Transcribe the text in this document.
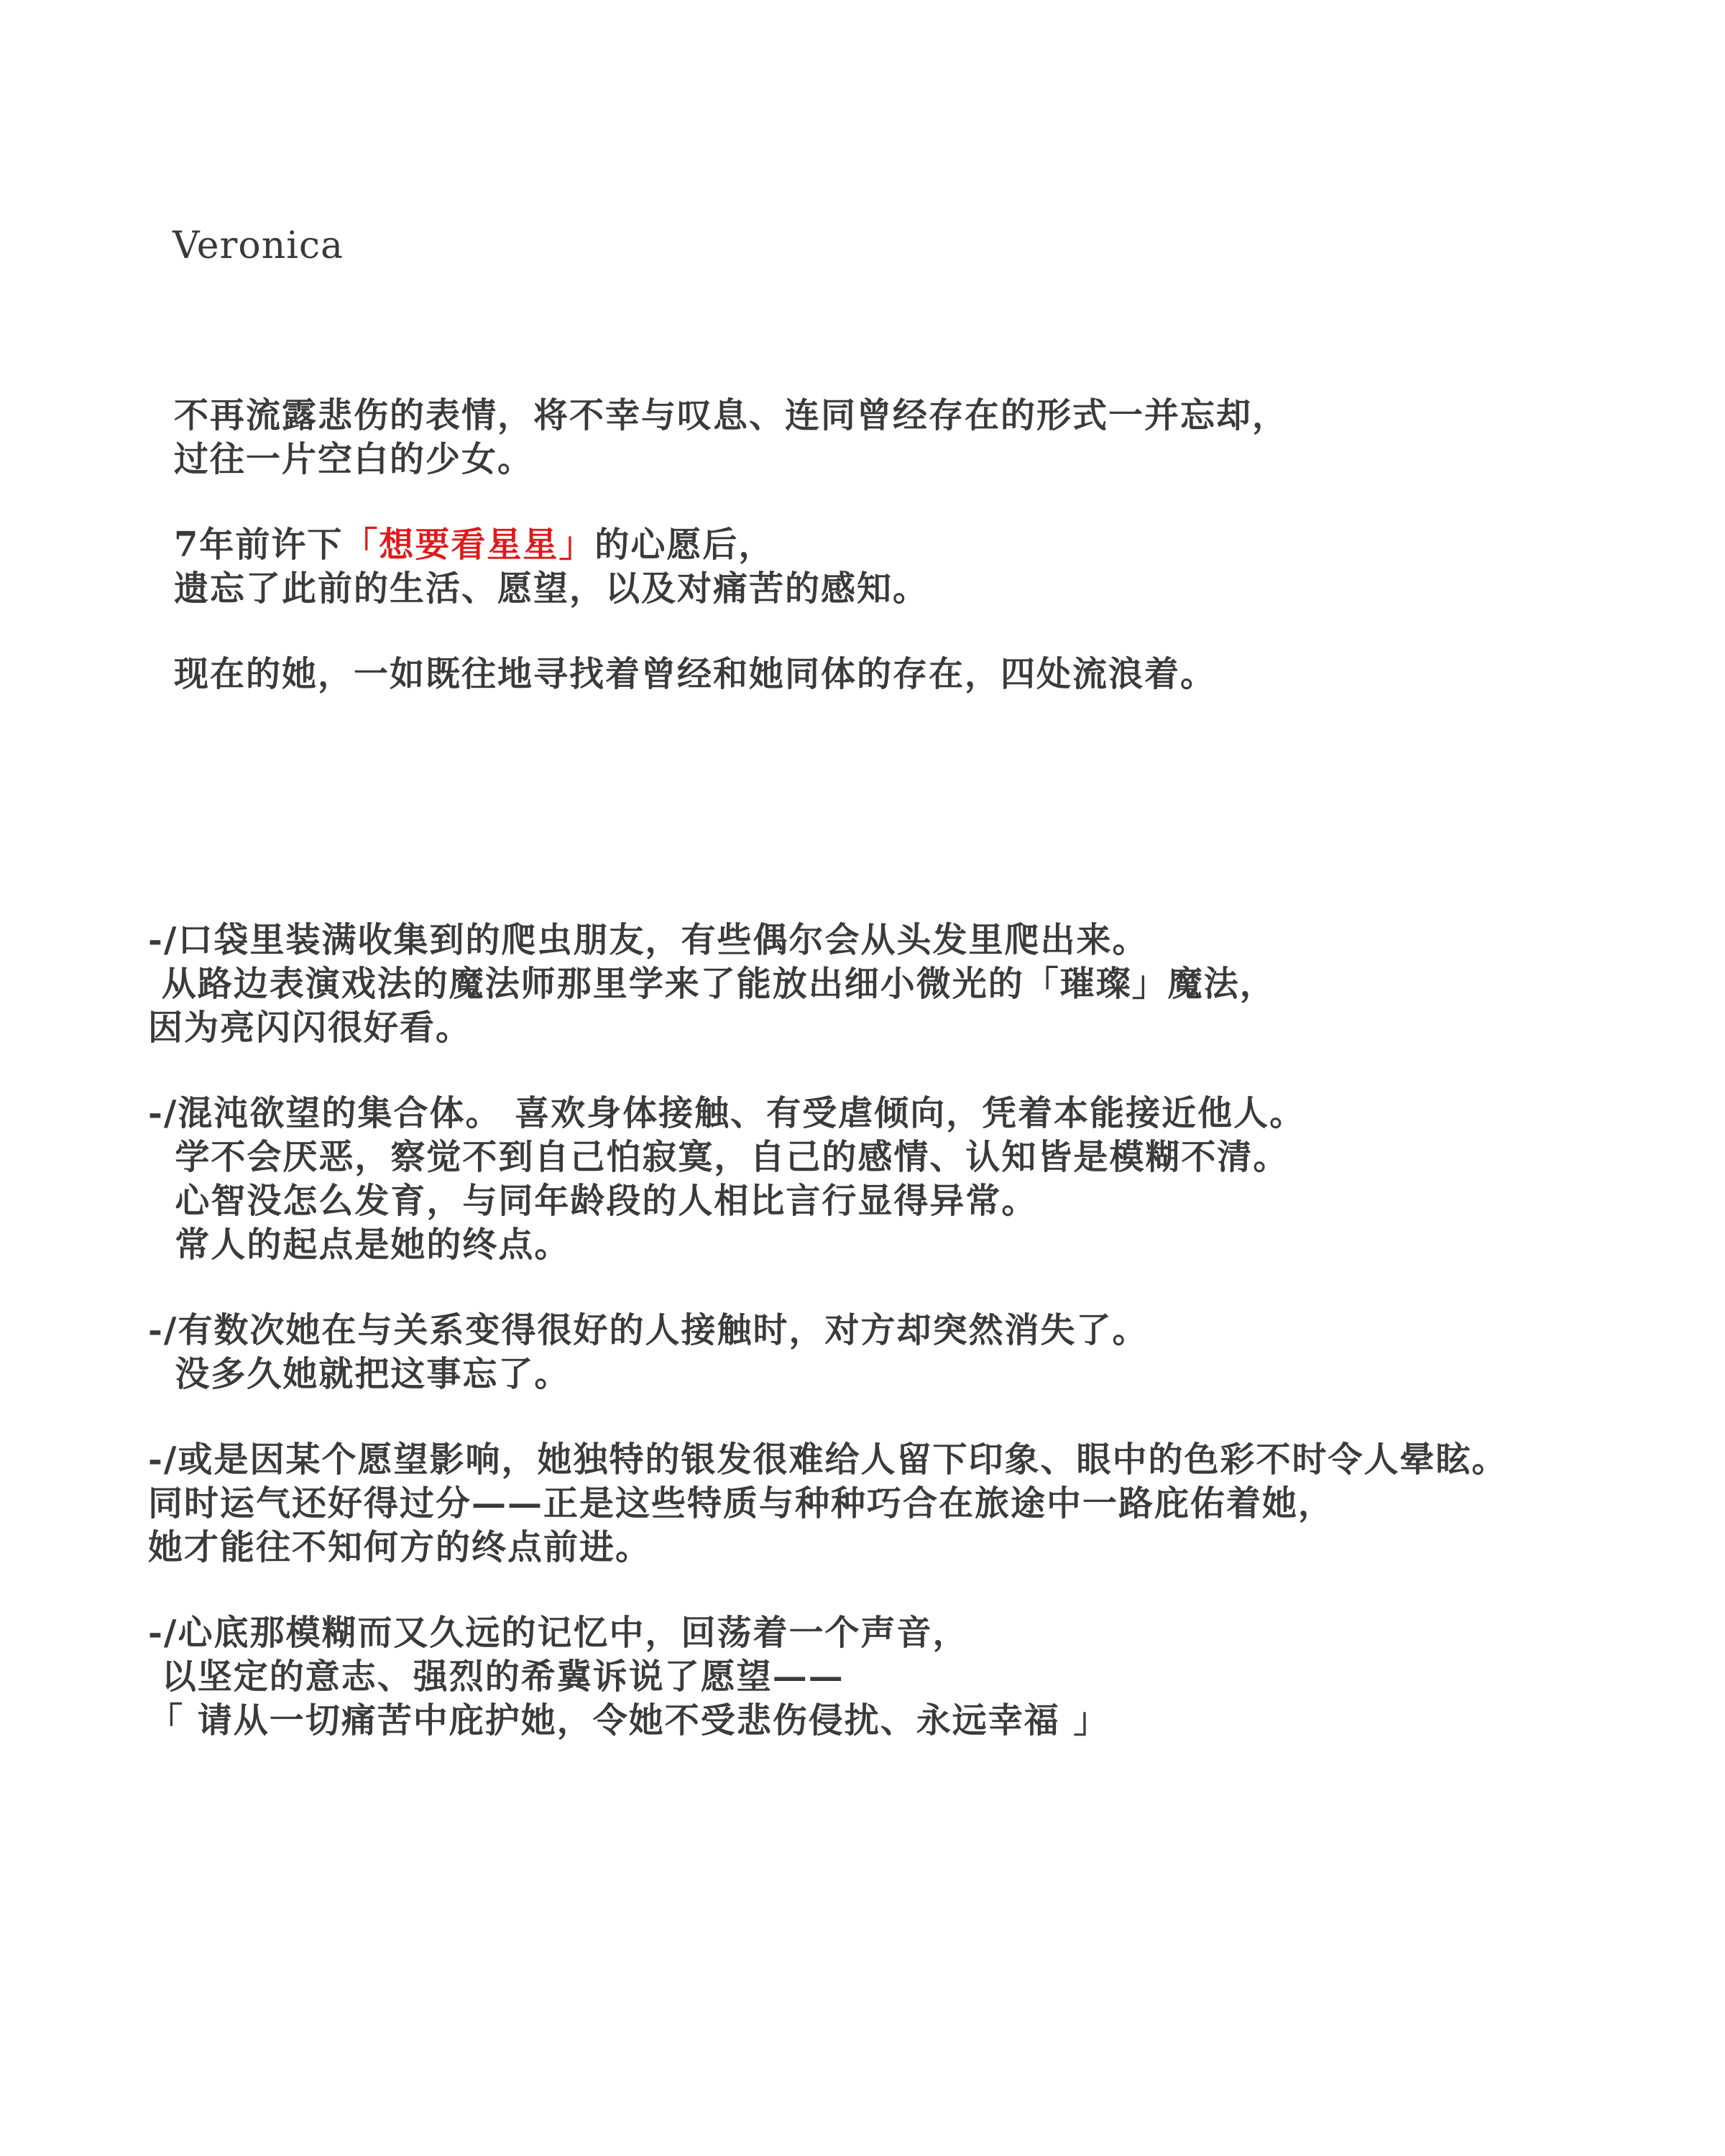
Veronica
不再流露悲伤的表情，将不幸与叹息、连同曾经存在的形式一并忘却，
过往一片空白的少女。
7年前许下「想要看星星」的心愿后，
遗忘了此前的生活、愿望，以及对痛苦的感知。
现在的她，一如既往地寻找着曾经和她同体的存在，四处流浪着。
-/口袋里装满收集到的爬虫朋友，有些偶尔会从头发里爬出来。
从路边表演戏法的魔法师那里学来了能放出细小微光的「璀璨」魔法，
因为亮闪闪很好看。
-/混沌欲望的集合体。 喜欢身体接触、有受虐倾向，凭着本能接近他人。
学不会厌恶，察觉不到自己怕寂寞，自己的感情、认知皆是模糊不清。
心智没怎么发育，与同年龄段的人相比言行显得异常。
常人的起点是她的终点。
-/有数次她在与关系变得很好的人接触时，对方却突然消失了。
没多久她就把这事忘了。
-/或是因某个愿望影响，她独特的银发很难给人留下印象、眼中的色彩不时令人晕眩。
同时运气还好得过分——正是这些特质与种种巧合在旅途中一路庇佑着她，
她才能往不知何方的终点前进。
-/心底那模糊而又久远的记忆中，回荡着一个声音，
以坚定的意志、强烈的希冀诉说了愿望——
「 请从一切痛苦中庇护她，令她不受悲伤侵扰、永远幸福 」
